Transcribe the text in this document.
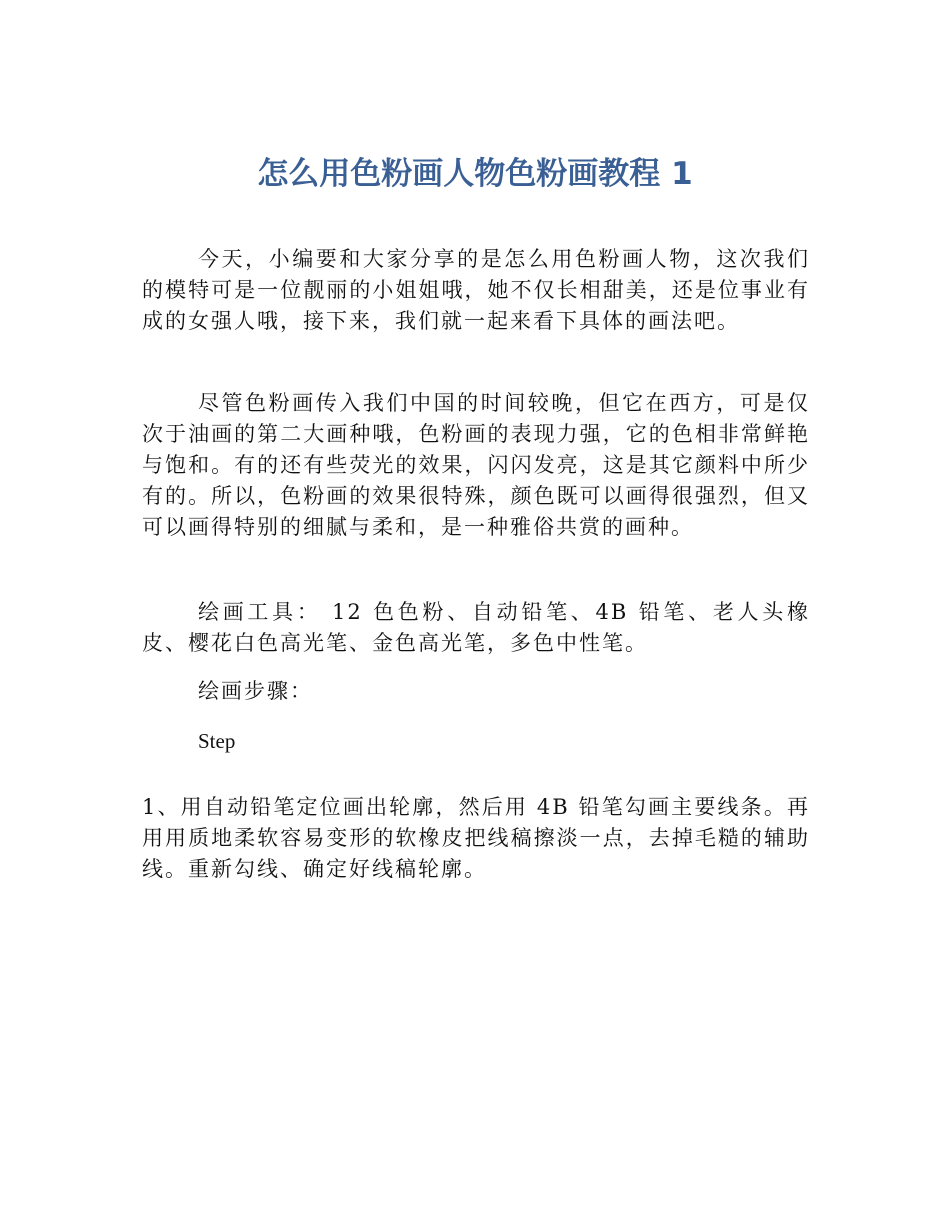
怎么用色粉画人物色粉画教程 1

今天，小编要和大家分享的是怎么用色粉画人物，这次我们的模特可是一位靓丽的小姐姐哦，她不仅长相甜美，还是位事业有成的女强人哦，接下来，我们就一起来看下具体的画法吧。

尽管色粉画传入我们中国的时间较晚，但它在西方，可是仅次于油画的第二大画种哦，色粉画的表现力强，它的色相非常鲜艳与饱和。有的还有些荧光的效果，闪闪发亮，这是其它颜料中所少有的。所以，色粉画的效果很特殊，颜色既可以画得很强烈，但又可以画得特别的细腻与柔和，是一种雅俗共赏的画种。

绘画工具： 12 色色粉、自动铅笔、4B 铅笔、老人头橡皮、樱花白色高光笔、金色高光笔，多色中性笔。

绘画步骤：

Step

1、用自动铅笔定位画出轮廓，然后用 4B 铅笔勾画主要线条。再用用质地柔软容易变形的软橡皮把线稿擦淡一点，去掉毛糙的辅助线。重新勾线、确定好线稿轮廓。
